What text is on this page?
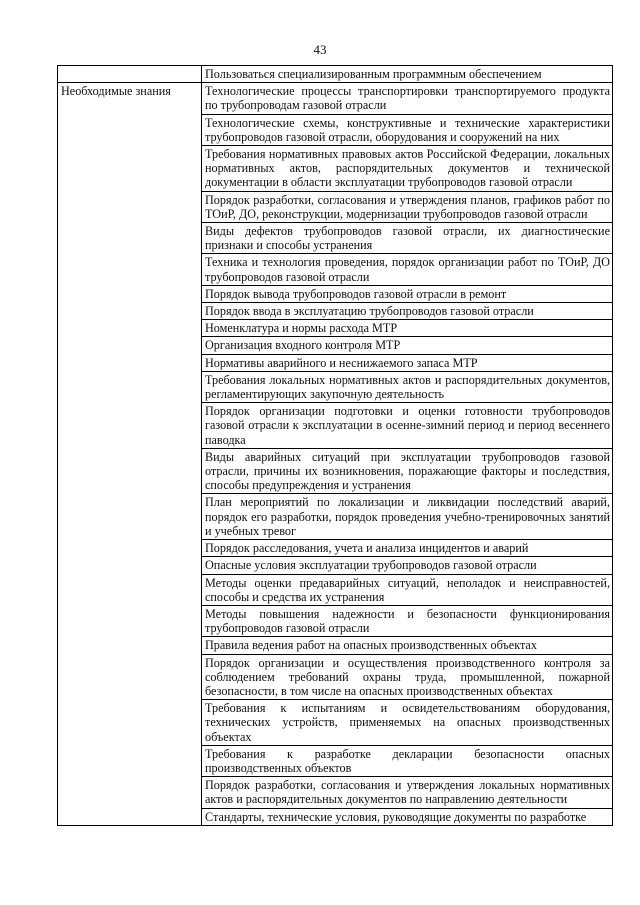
43
	Пользоваться специализированным программным обеспечением
Необходимые знания	Технологические процессы транспортировки транспортируемого продукта по трубопроводам газовой отрасли
	Технологические схемы, конструктивные и технические характеристики трубопроводов газовой отрасли, оборудования и сооружений на них
	Требования нормативных правовых актов Российской Федерации, локальных нормативных актов, распорядительных документов и технической документации в области эксплуатации трубопроводов газовой отрасли
	Порядок разработки, согласования и утверждения планов, графиков работ по ТОиР, ДО, реконструкции, модернизации трубопроводов газовой отрасли
	Виды дефектов трубопроводов газовой отрасли, их диагностические признаки и способы устранения
	Техника и технология проведения, порядок организации работ по ТОиР, ДО трубопроводов газовой отрасли
	Порядок вывода трубопроводов газовой отрасли в ремонт
	Порядок ввода в эксплуатацию трубопроводов газовой отрасли
	Номенклатура и нормы расхода МТР
	Организация входного контроля МТР
	Нормативы аварийного и неснижаемого запаса МТР
	Требования локальных нормативных актов и распорядительных документов, регламентирующих закупочную деятельность
	Порядок организации подготовки и оценки готовности трубопроводов газовой отрасли к эксплуатации в осенне-зимний период и период весеннего паводка
	Виды аварийных ситуаций при эксплуатации трубопроводов газовой отрасли, причины их возникновения, поражающие факторы и последствия, способы предупреждения и устранения
	План мероприятий по локализации и ликвидации последствий аварий, порядок его разработки, порядок проведения учебно-тренировочных занятий и учебных тревог
	Порядок расследования, учета и анализа инцидентов и аварий
	Опасные условия эксплуатации трубопроводов газовой отрасли
	Методы оценки предаварийных ситуаций, неполадок и неисправностей, способы и средства их устранения
	Методы повышения надежности и безопасности функционирования трубопроводов газовой отрасли
	Правила ведения работ на опасных производственных объектах
	Порядок организации и осуществления производственного контроля за соблюдением требований охраны труда, промышленной, пожарной безопасности, в том числе на опасных производственных объектах
	Требования к испытаниям и освидетельствованиям оборудования, технических устройств, применяемых на опасных производственных объектах
	Требования к разработке декларации безопасности опасных производственных объектов
	Порядок разработки, согласования и утверждения локальных нормативных актов и распорядительных документов по направлению деятельности
	Стандарты, технические условия, руководящие документы по разработке
